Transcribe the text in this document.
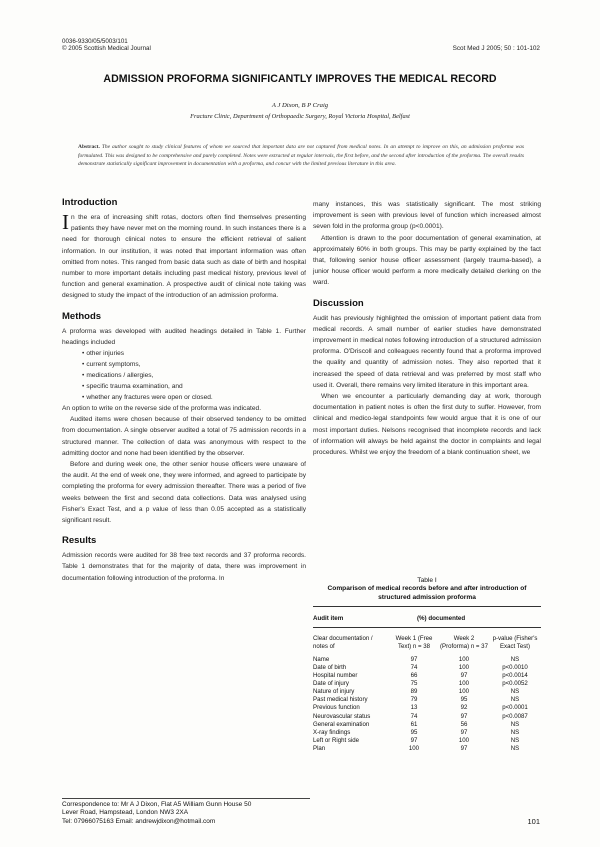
0036-9330/05/5003/101
© 2005 Scottish Medical Journal	Scot Med J 2005; 50 : 101-102
ADMISSION PROFORMA SIGNIFICANTLY IMPROVES THE MEDICAL RECORD
A J Dixon, B P Craig
Fracture Clinic, Department of Orthopaedic Surgery, Royal Victoria Hospital, Belfast
Abstract. The author sought to study clinical features of whom we sourced that important data are not captured from medical notes. In an attempt to improve on this, an admission proforma was formulated. This was designed to be comprehensive and purely completed. Notes were extracted at regular intervals, the first before, and the second after introduction of the proforma. The overall results demonstrate statistically significant improvement in documentation with a proforma, and concur with the limited previous literature in this area.
Introduction

In the era of increasing shift rotas, doctors often find themselves presenting patients they have never met on the morning round. In such instances there is a need for thorough clinical notes to ensure the efficient retrieval of salient information. In our institution, it was noted that important information was often omitted from notes. This ranged from basic data such as date of birth and hospital number to more important details including past medical history, previous level of function and general examination. A prospective audit of clinical note taking was designed to study the impact of the introduction of an admission proforma.

Methods

A proforma was developed with audited headings detailed in Table 1. Further headings included

• other injuries
• current symptoms,
• medications / allergies,
• specific trauma examination, and
• whether any fractures were open or closed.

An option to write on the reverse side of the proforma was indicated.

Audited items were chosen because of their observed tendency to be omitted from documentation. A single observer audited a total of 75 admission records in a structured manner. The collection of data was anonymous with respect to the admitting doctor and none had been identified by the observer.

Before and during week one, the other senior house officers were unaware of the audit. At the end of week one, they were informed, and agreed to participate by completing the proforma for every admission thereafter. There was a period of five weeks between the first and second data collections. Data was analysed using Fisher's Exact Test, and a p value of less than 0.05 accepted as a statistically significant result.

Results

Admission records were audited for 38 free text records and 37 proforma records. Table 1 demonstrates that for the majority of data, there was improvement in documentation following introduction of the proforma. In

Correspondence to: Mr A J Dixon, Flat A5 William Gunn House 50
Lever Road, Hampstead, London NW3 2XA
Tel: 07966075163 Email: andrewjdixon@hotmail.com

many instances, this was statistically significant. The most striking improvement is seen with previous level of function which increased almost seven fold in the proforma group (p<0.0001).

Attention is drawn to the poor documentation of general examination, at approximately 60% in both groups. This may be partly explained by the fact that, following senior house officer assessment (largely trauma-based), a junior house officer would perform a more medically detailed clerking on the ward.

Discussion

Audit has previously highlighted the omission of important patient data from medical records. A small number of earlier studies have demonstrated improvement in medical notes following introduction of a structured admission proforma. O'Driscoll and colleagues recently found that a proforma improved the quality and quantity of admission notes. They also reported that it increased the speed of data retrieval and was preferred by most staff who used it. Overall, there remains very limited literature in this important area.

When we encounter a particularly demanding day at work, thorough documentation in patient notes is often the first duty to suffer. However, from clinical and medico-legal standpoints few would argue that it is one of our most important duties. Nelsons recognised that incomplete records and lack of information will always be held against the doctor in complaints and legal procedures. Whilst we enjoy the freedom of a blank continuation sheet, we

Table I
Comparison of medical records before and after introduction of structured admission proforma
Audit item	(%) documented
Clear documentation / notes of	Week 1 (Free Text) n = 38	Week 2 (Proforma) n = 37	p-value (Fisher's Exact Test)
Name	97	100	NS
Date of birth	74	100	p<0.0010
Hospital number	66	97	p<0.0014
Date of injury	75	100	p<0.0052
Nature of injury	89	100	NS
Past medical history	79	95	NS
Previous function	13	92	p<0.0001
Neurovascular status	74	97	p<0.0087
General examination	61	56	NS
X-ray findings	95	97	NS
Left or Right side	97	100	NS
Plan	100	97	NS
101
